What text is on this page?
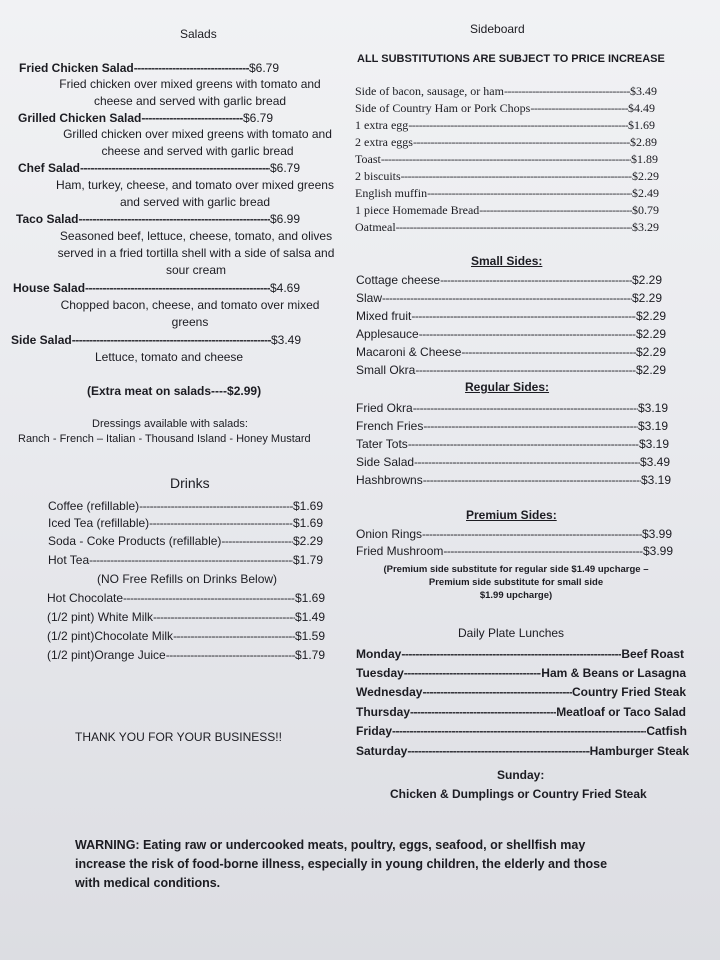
Salads
Fried Chicken Salad -----	$6.79
Fried chicken over mixed greens with tomato and cheese and served with garlic bread
Grilled Chicken Salad -----	$6.79
Grilled chicken over mixed greens with tomato and cheese and served with garlic bread
Chef Salad -----	$6.79
Ham, turkey, cheese, and tomato over mixed greens and served with garlic bread
Taco Salad -----	$6.99
Seasoned beef, lettuce, cheese, tomato, and olives served in a fried tortilla shell with a side of salsa and sour cream
House Salad -----	$4.69
Chopped bacon, cheese, and tomato over mixed greens
Side Salad -----	$3.49
Lettuce, tomato and cheese
(Extra meat on salads----$2.99)
Dressings available with salads:
Ranch - French – Italian - Thousand Island - Honey Mustard
Drinks
Coffee (refillable) -----	$1.69
Iced Tea (refillable) -----	$1.69
Soda - Coke Products (refillable) -----	$2.29
Hot Tea -----	$1.79
(NO Free Refills on Drinks Below)
Hot Chocolate -----	$1.69
(1/2 pint) White Milk -----	$1.49
(1/2 pint)Chocolate Milk -----	$1.59
(1/2 pint)Orange Juice -----	$1.79
THANK YOU FOR YOUR BUSINESS!!
Sideboard
ALL SUBSTITUTIONS ARE SUBJECT TO PRICE INCREASE
Side of bacon, sausage, or ham -----	$3.49
Side of Country Ham or Pork Chops -----	$4.49
1 extra egg -----	$1.69
2 extra eggs -----	$2.89
Toast -----	$1.89
2 biscuits -----	$2.29
English muffin -----	$2.49
1 piece Homemade Bread -----	$0.79
Oatmeal -----	$3.29
Small Sides:
Cottage cheese -----	$2.29
Slaw -----	$2.29
Mixed fruit -----	$2.29
Applesauce -----	$2.29
Macaroni & Cheese -----	$2.29
Small Okra -----	$2.29
Regular Sides:
Fried Okra -----	$3.19
French Fries -----	$3.19
Tater Tots -----	$3.19
Side Salad -----	$3.49
Hashbrowns -----	$3.19
Premium Sides:
Onion Rings -----	$3.99
Fried Mushroom -----	$3.99
(Premium side substitute for regular side $1.49 upcharge –
Premium side substitute for small side
$1.99 upcharge)
Daily Plate Lunches
Monday -----	Beef Roast
Tuesday -----	Ham & Beans or Lasagna
Wednesday -----	Country Fried Steak
Thursday -----	Meatloaf or Taco Salad
Friday -----	Catfish
Saturday -----	Hamburger Steak
Sunday:
Chicken & Dumplings or Country Fried Steak
WARNING: Eating raw or undercooked meats, poultry, eggs, seafood, or shellfish may
increase the risk of food-borne illness, especially in young children, the elderly and those
with medical conditions.
